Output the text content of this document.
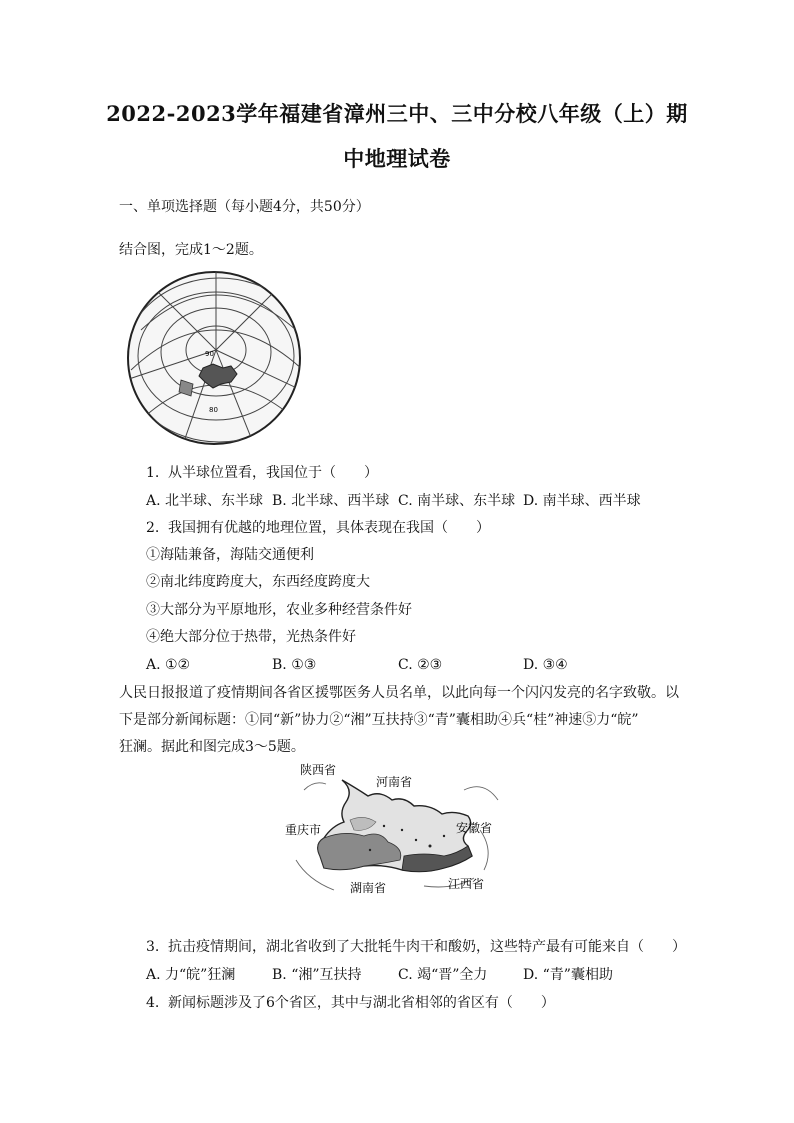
2022-2023学年福建省漳州三中、三中分校八年级（上）期
中地理试卷
一、单项选择题（每小题4分，共50分）
结合图，完成1～2题。
90
80
1. 从半球位置看，我国位于（　　）
A. 北半球、东半球 B. 北半球、西半球 C. 南半球、东半球 D. 南半球、西半球
2. 我国拥有优越的地理位置，具体表现在我国（　　）
①海陆兼备，海陆交通便利
②南北纬度跨度大，东西经度跨度大
③大部分为平原地形，农业多种经营条件好
④绝大部分位于热带，光热条件好
A. ①②	B. ①③	C. ②③	D. ③④
人民日报报道了疫情期间各省区援鄂医务人员名单，以此向每一个闪闪发亮的名字致敬。以
下是部分新闻标题：①同“新”协力②“湘”互扶持③“青”囊相助④兵“桂”神速⑤力“皖”
狂澜。据此和图完成3～5题。
陕西省
河南省
安徽省
重庆市
湖南省	江西省
3. 抗击疫情期间，湖北省收到了大批牦牛肉干和酸奶，这些特产最有可能来自（　　）
A. 力“皖”狂澜	B. “湘”互扶持	C. 竭“晋”全力	D. “青”囊相助
4. 新闻标题涉及了6个省区，其中与湖北省相邻的省区有（　　）
